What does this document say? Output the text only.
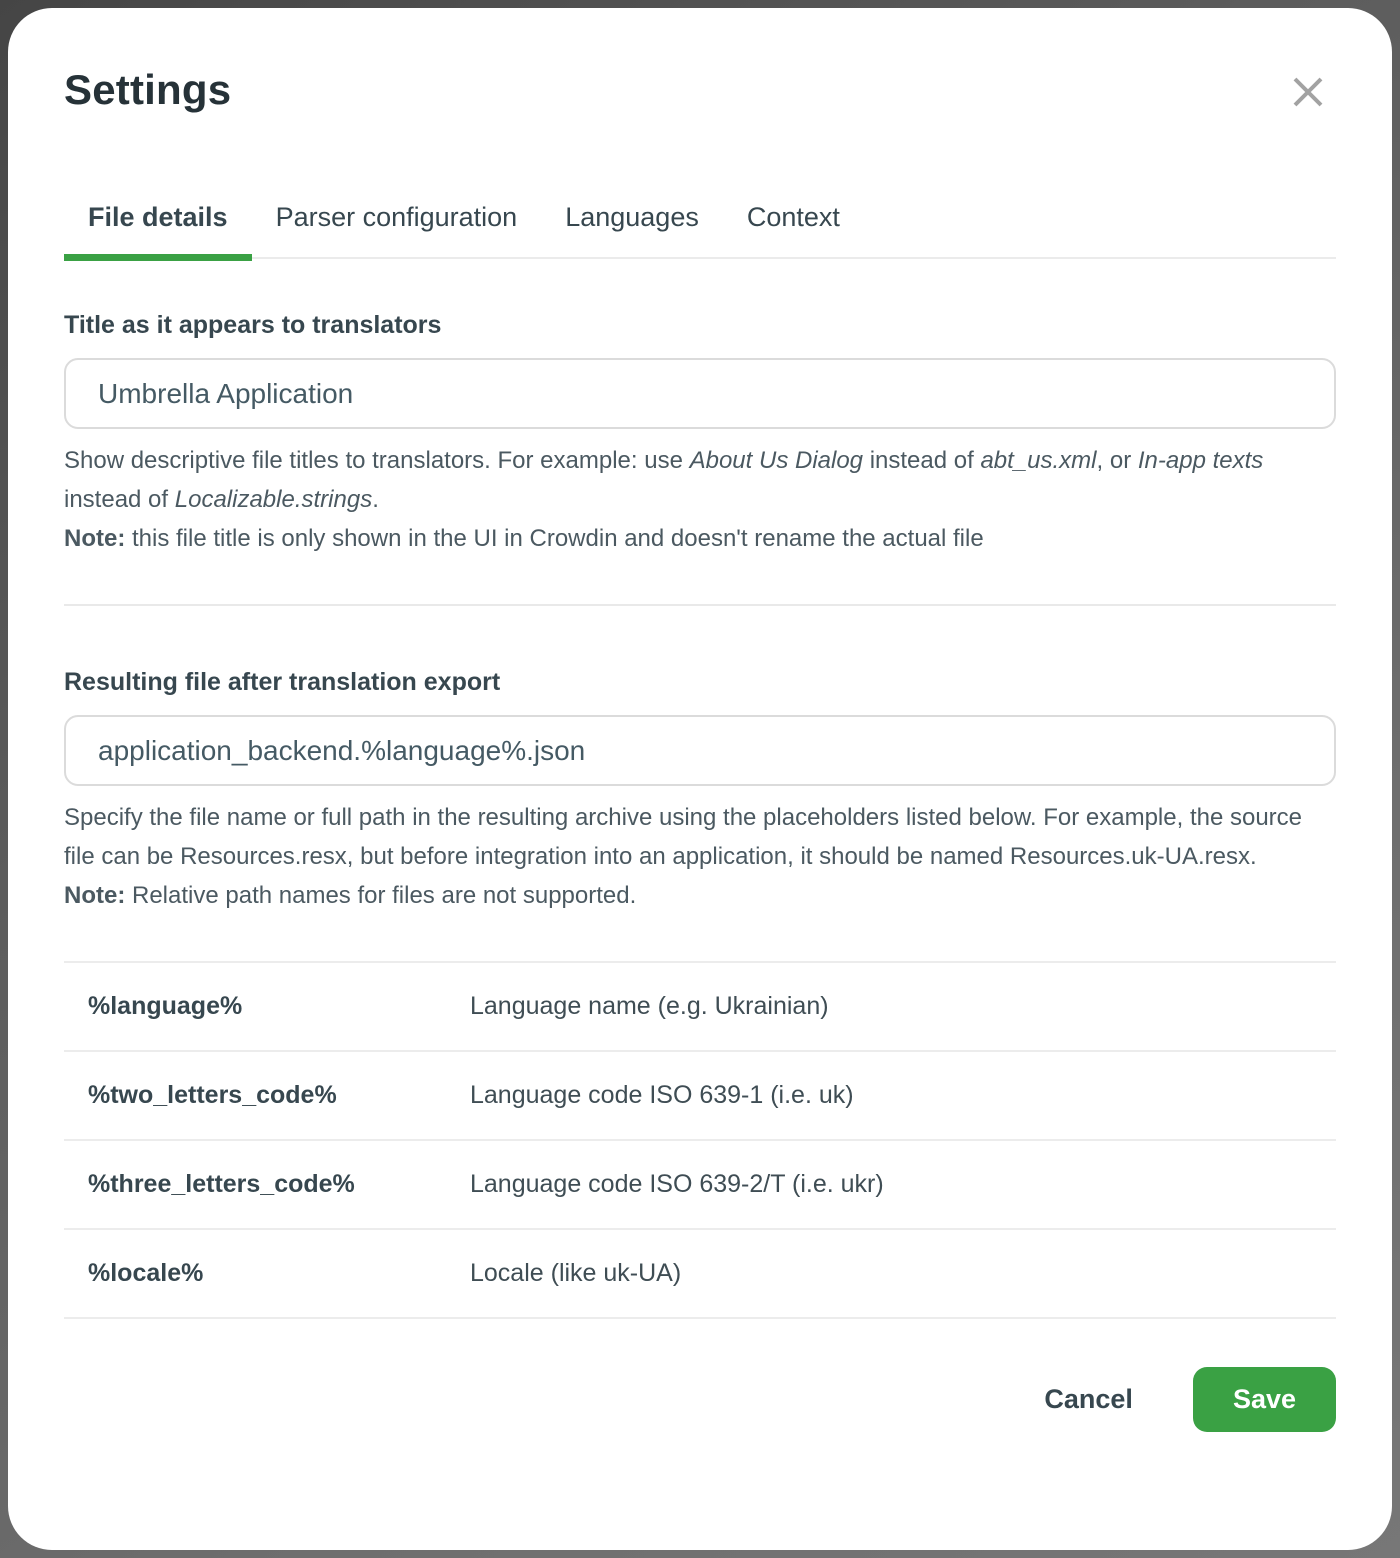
Settings
File details	Parser configuration	Languages	Context
Title as it appears to translators
Umbrella Application
Show descriptive file titles to translators. For example: use About Us Dialog instead of abt_us.xml, or In-app texts instead of Localizable.strings.
Note: this file title is only shown in the UI in Crowdin and doesn't rename the actual file
Resulting file after translation export
application_backend.%language%.json
Specify the file name or full path in the resulting archive using the placeholders listed below. For example, the source file can be Resources.resx, but before integration into an application, it should be named Resources.uk-UA.resx.
Note: Relative path names for files are not supported.
%language%	Language name (e.g. Ukrainian)
%two_letters_code%	Language code ISO 639-1 (i.e. uk)
%three_letters_code%	Language code ISO 639-2/T (i.e. ukr)
%locale%	Locale (like uk-UA)
Cancel	Save
